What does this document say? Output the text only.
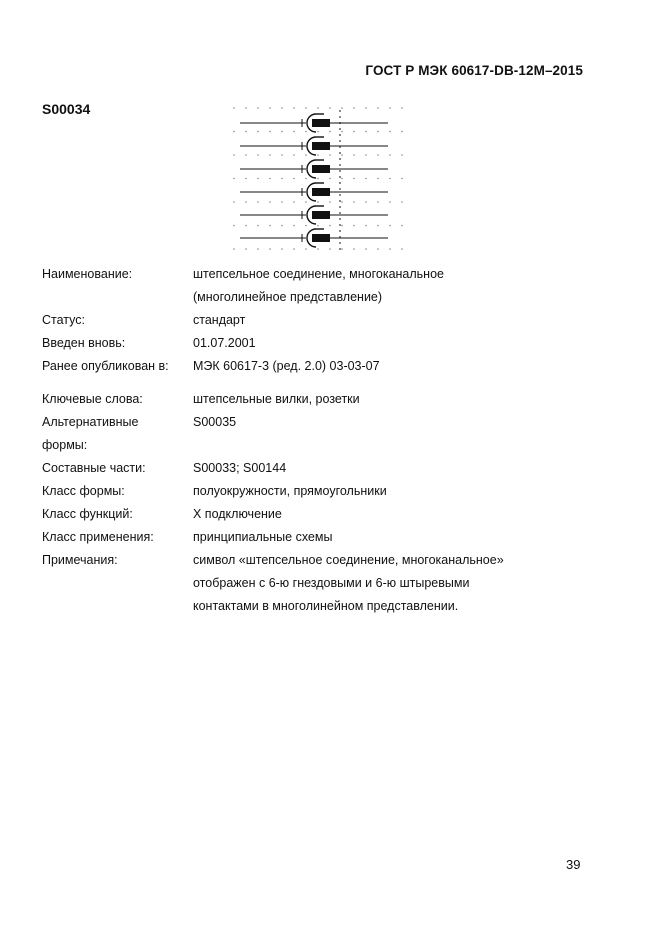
ГОСТ Р МЭК 60617-DB-12M–2015
S00034
Наименование:	штепсельное соединение, многоканальное
	(многолинейное представление)
Статус:	стандарт
Введен вновь:	01.07.2001
Ранее опубликован в:	МЭК 60617-3 (ред. 2.0) 03-03-07

Ключевые слова:	штепсельные вилки, розетки
Альтернативные	S00035
формы:	
Составные части:	S00033; S00144
Класс формы:	полуокружности, прямоугольники
Класс функций:	X подключение
Класс применения:	принципиальные схемы
Примечания:	символ «штепсельное соединение, многоканальное»
	отображен с 6-ю гнездовыми и 6-ю штыревыми
	контактами в многолинейном представлении.
39
